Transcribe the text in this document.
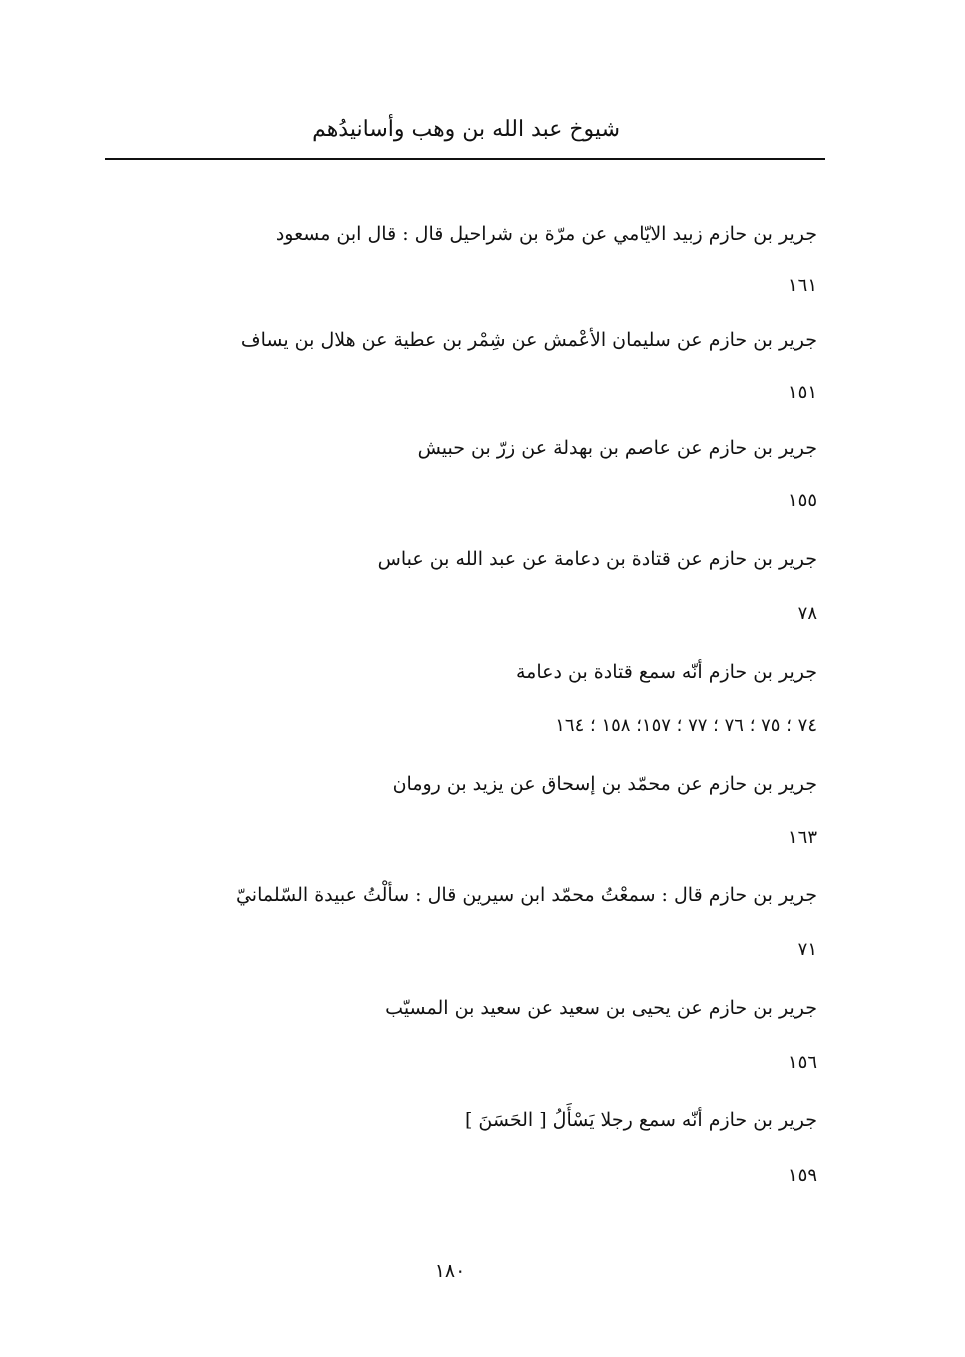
شيوخ عبد الله بن وهب وأسانيدُهم
جرير بن حازم زبيد الايّامي عن مرّة بن شراحيل قال : قال ابن مسعود
١٦١
جرير بن حازم عن سليمان الأعْمش عن شِمْر بن عطية عن هلال بن يساف
١٥١
جرير بن حازم عن عاصم بن بهدلة عن زرّ بن حبيش
١٥٥
جرير بن حازم عن قتادة بن دعامة عن عبد الله بن عباس
٧٨
جرير بن حازم أنّه سمع قتادة بن دعامة
٧٤ ؛ ٧٥ ؛ ٧٦ ؛ ٧٧ ؛ ١٥٧؛ ١٥٨ ؛ ١٦٤
جرير بن حازم عن محمّد بن إسحاق عن يزيد بن رومان
١٦٣
جرير بن حازم قال : سمعْتُ محمّد ابن سيرين قال : سألْتُ عبيدة السّلمانيّ
٧١
جرير بن حازم عن يحيى بن سعيد عن سعيد بن المسيّب
١٥٦
جرير بن حازم أنّه سمع رجلا يَسْأَلُ [ الحَسَنَ ]
١٥٩
١٨٠
